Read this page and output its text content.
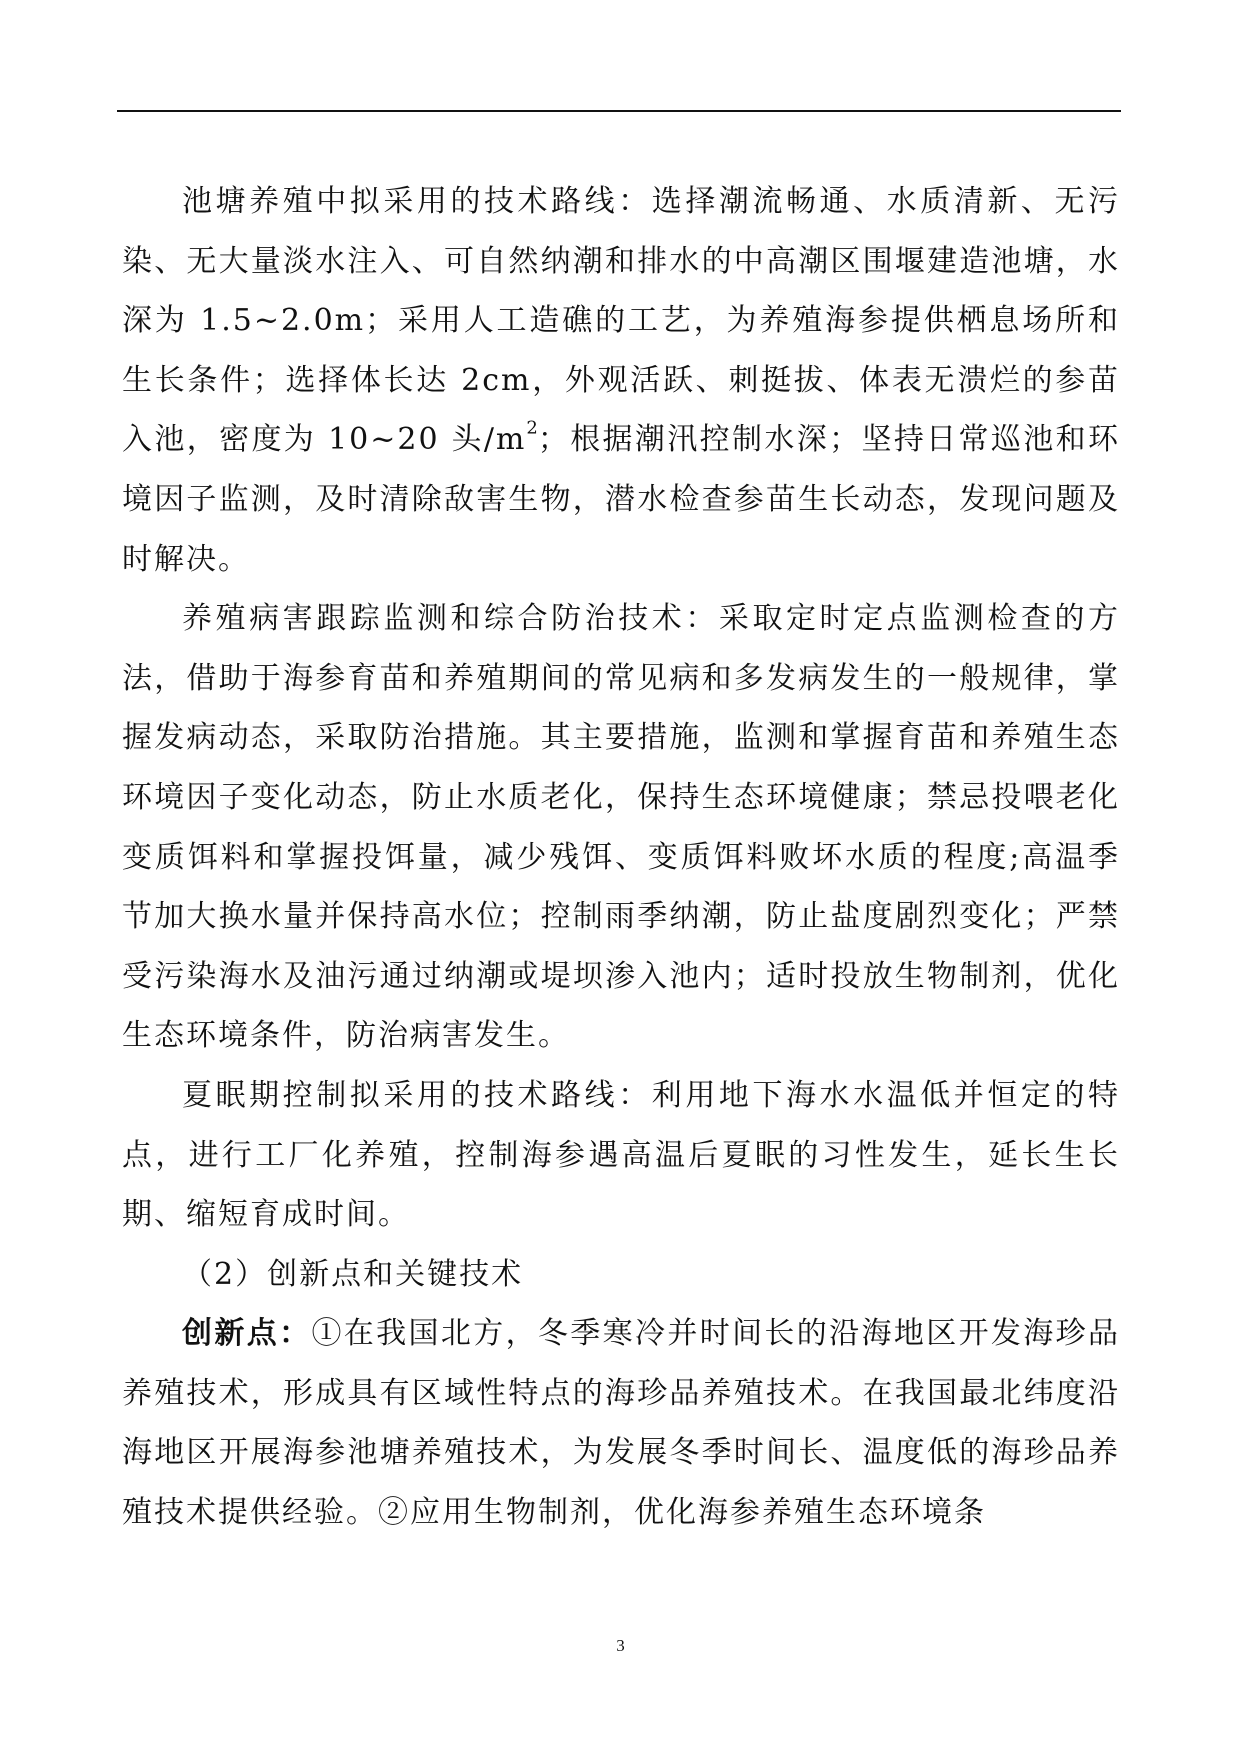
池塘养殖中拟采用的技术路线：选择潮流畅通、水质清新、无污染、无大量淡水注入、可自然纳潮和排水的中高潮区围堰建造池塘，水深为 1.5~2.0m；采用人工造礁的工艺，为养殖海参提供栖息场所和生长条件；选择体长达 2cm，外观活跃、刺挺拔、体表无溃烂的参苗入池，密度为 10~20 头$/m^2$；根据潮汛控制水深；坚持日常巡池和环境因子监测，及时清除敌害生物，潜水检查参苗生长动态，发现问题及时解决。

养殖病害跟踪监测和综合防治技术：采取定时定点监测检查的方法，借助于海参育苗和养殖期间的常见病和多发病发生的一般规律，掌握发病动态，采取防治措施。其主要措施，监测和掌握育苗和养殖生态环境因子变化动态，防止水质老化，保持生态环境健康；禁忌投喂老化变质饵料和掌握投饵量，减少残饵、变质饵料败坏水质的程度;高温季节加大换水量并保持高水位；控制雨季纳潮，防止盐度剧烈变化；严禁受污染海水及油污通过纳潮或堤坝渗入池内；适时投放生物制剂，优化生态环境条件，防治病害发生。

夏眠期控制拟采用的技术路线：利用地下海水水温低并恒定的特点，进行工厂化养殖，控制海参遇高温后夏眠的习性发生，延长生长期、缩短育成时间。

（2）创新点和关键技术

创新点：①在我国北方，冬季寒冷并时间长的沿海地区开发海珍品养殖技术，形成具有区域性特点的海珍品养殖技术。在我国最北纬度沿海地区开展海参池塘养殖技术，为发展冬季时间长、温度低的海珍品养殖技术提供经验。②应用生物制剂，优化海参养殖生态环境条

3
